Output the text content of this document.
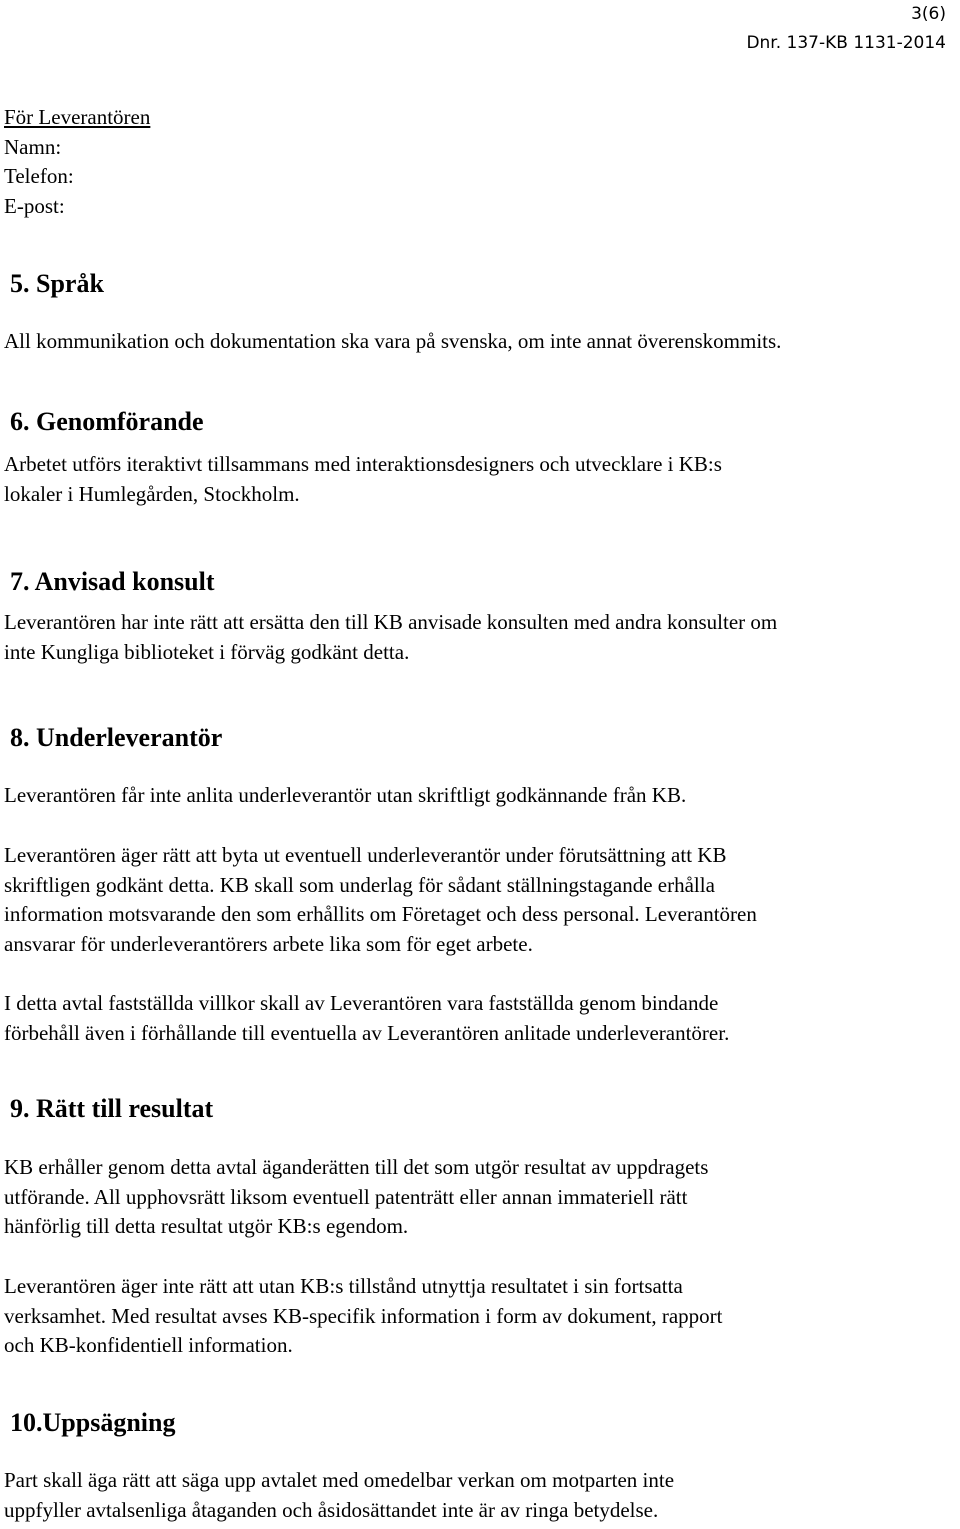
3(6)
Dnr. 137-KB 1131-2014
För Leverantören
Namn:
Telefon:
E-post:
5. Språk
All kommunikation och dokumentation ska vara på svenska, om inte annat överenskommits.
6. Genomförande
Arbetet utförs iteraktivt tillsammans med interaktionsdesigners och utvecklare i KB:s
lokaler i Humlegården, Stockholm.
7. Anvisad konsult
Leverantören har inte rätt att ersätta den till KB anvisade konsulten med andra konsulter om
inte Kungliga biblioteket i förväg godkänt detta.
8. Underleverantör
Leverantören får inte anlita underleverantör utan skriftligt godkännande från KB.
Leverantören äger rätt att byta ut eventuell underleverantör under förutsättning att KB
skriftligen godkänt detta. KB skall som underlag för sådant ställningstagande erhålla
information motsvarande den som erhållits om Företaget och dess personal. Leverantören
ansvarar för underleverantörers arbete lika som för eget arbete.
I detta avtal fastställda villkor skall av Leverantören vara fastställda genom bindande
förbehåll även i förhållande till eventuella av Leverantören anlitade underleverantörer.
9. Rätt till resultat
KB erhåller genom detta avtal äganderätten till det som utgör resultat av uppdragets
utförande. All upphovsrätt liksom eventuell patenträtt eller annan immateriell rätt
hänförlig till detta resultat utgör KB:s egendom.
Leverantören äger inte rätt att utan KB:s tillstånd utnyttja resultatet i sin fortsatta
verksamhet. Med resultat avses KB-specifik information i form av dokument, rapport
och KB-konfidentiell information.
10.Uppsägning
Part skall äga rätt att säga upp avtalet med omedelbar verkan om motparten inte
uppfyller avtalsenliga åtaganden och åsidosättandet inte är av ringa betydelse.
